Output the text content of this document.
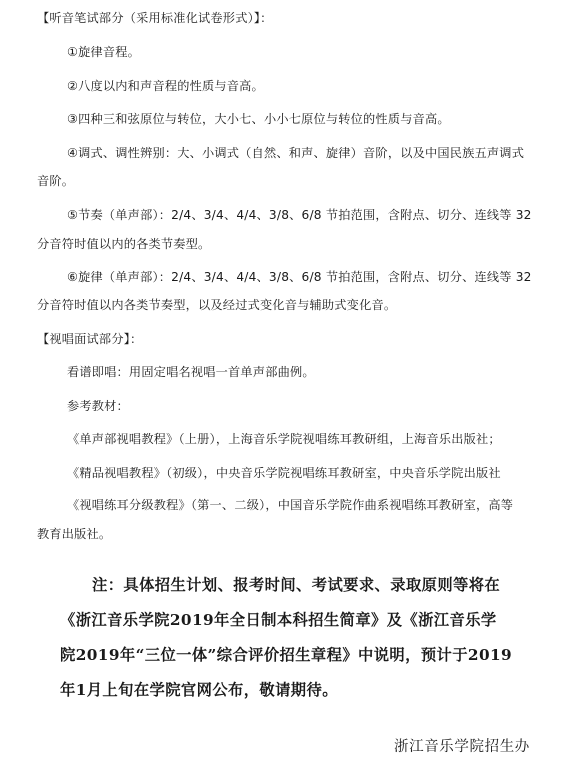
【听音笔试部分（采用标准化试卷形式）】：
①旋律音程。
②八度以内和声音程的性质与音高。
③四种三和弦原位与转位，大小七、小小七原位与转位的性质与音高。
④调式、调性辨别：大、小调式（自然、和声、旋律）音阶，以及中国民族五声调式
音阶。
⑤节奏（单声部）：2/4、3/4、4/4、3/8、6/8 节拍范围，含附点、切分、连线等 32
分音符时值以内的各类节奏型。
⑥旋律（单声部）：2/4、3/4、4/4、3/8、6/8 节拍范围，含附点、切分、连线等 32
分音符时值以内各类节奏型，以及经过式变化音与辅助式变化音。
【视唱面试部分】：
看谱即唱：用固定唱名视唱一首单声部曲例。
参考教材：
《单声部视唱教程》（上册），上海音乐学院视唱练耳教研组，上海音乐出版社；
《精品视唱教程》（初级），中央音乐学院视唱练耳教研室，中央音乐学院出版社
《视唱练耳分级教程》（第一、二级），中国音乐学院作曲系视唱练耳教研室，高等
教育出版社。
注：具体招生计划、报考时间、考试要求、录取原则等将在
《浙江音乐学院2019年全日制本科招生简章》及《浙江音乐学
院2019年“三位一体”综合评价招生章程》中说明，预计于2019
年1月上旬在学院官网公布，敬请期待。
浙江音乐学院招生办
